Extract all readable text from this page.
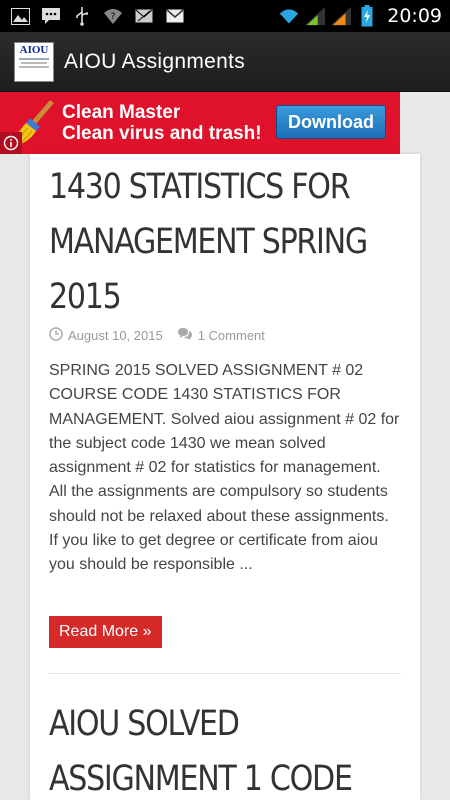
?	20:09
AIOU AIOU Assignments
Clean Master
Clean virus and trash!
Download
1430 STATISTICS FOR
MANAGEMENT SPRING
2015
August 10, 2015	1 Comment

SPRING 2015 SOLVED ASSIGNMENT # 02 COURSE CODE 1430 STATISTICS FOR MANAGEMENT. Solved aiou assignment # 02 for the subject code 1430 we mean solved assignment # 02 for statistics for management. All the assignments are compulsory so students should not be relaxed about these assignments. If you like to get degree or certificate from aiou you should be responsible ...

Read More »
AIOU SOLVED
ASSIGNMENT 1 CODE
